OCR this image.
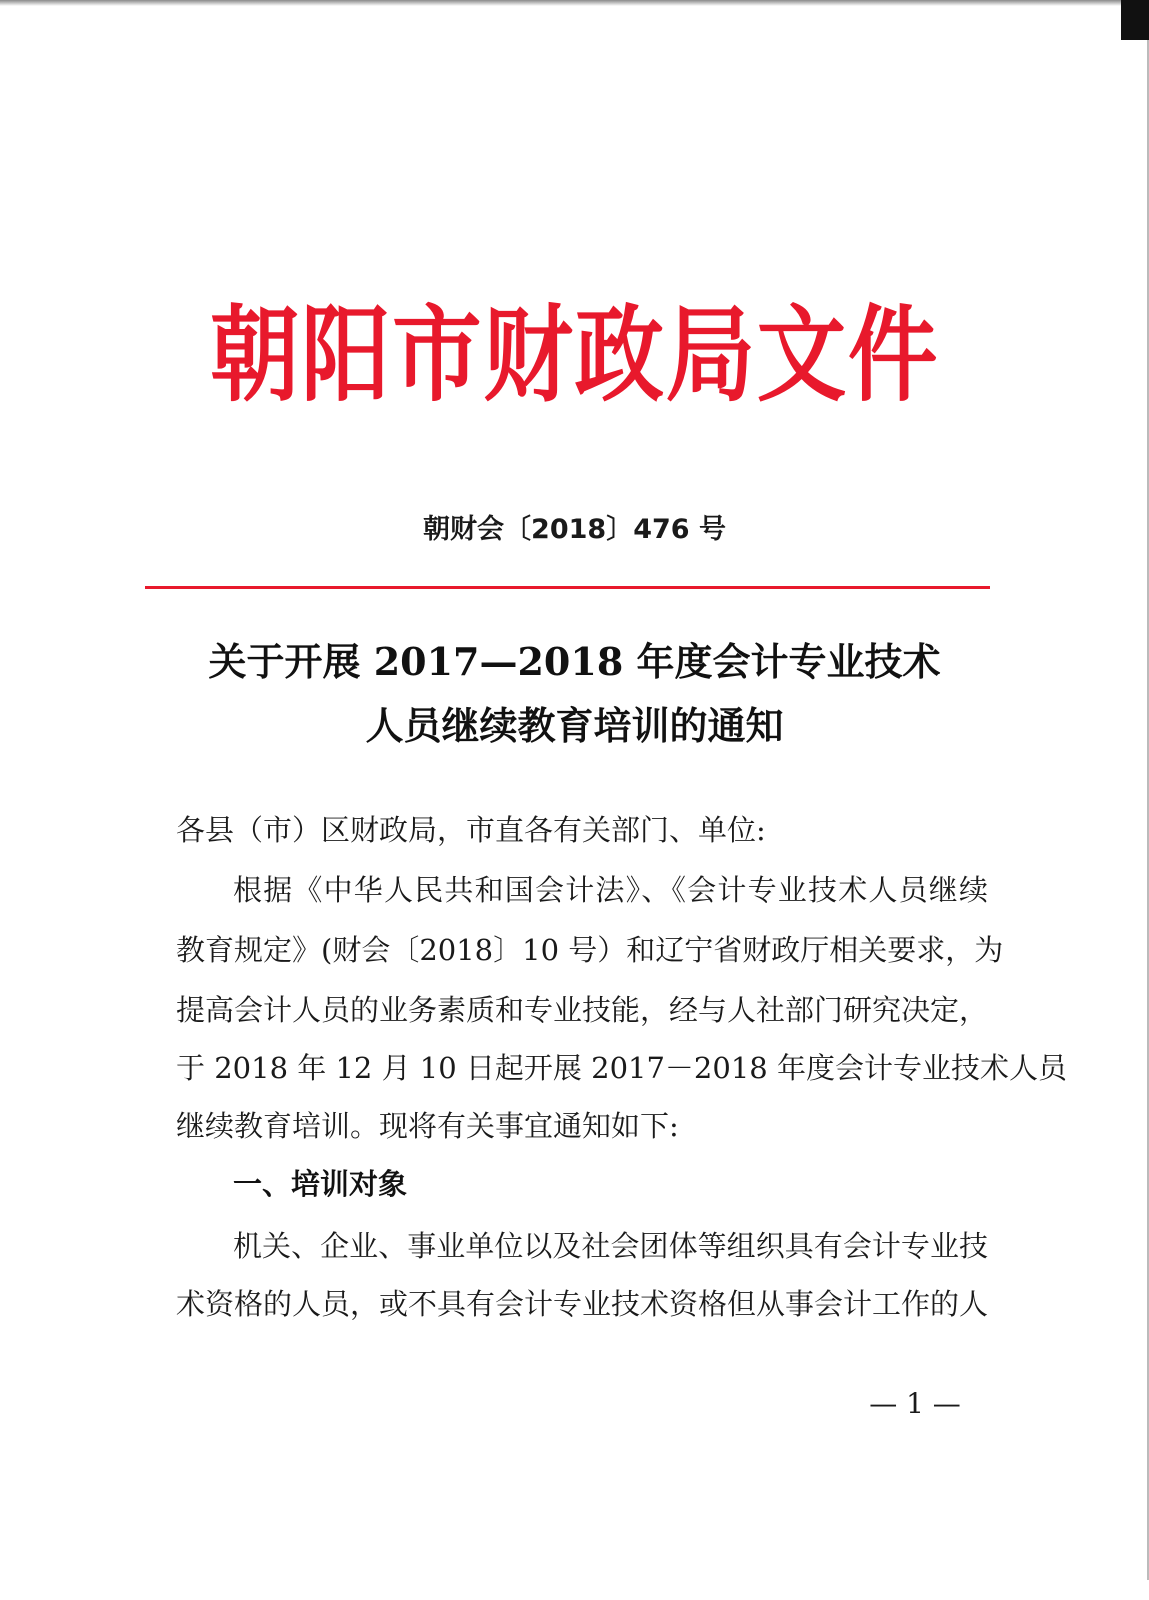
朝阳市财政局文件
朝财会〔2018〕476 号
关于开展 2017—2018 年度会计专业技术
人员继续教育培训的通知
各县（市）区财政局，市直各有关部门、单位:
根据《中华人民共和国会计法》、《会计专业技术人员继续
教育规定》(财会〔2018〕10 号）和辽宁省财政厅相关要求，为
提高会计人员的业务素质和专业技能，经与人社部门研究决定，
于 2018 年 12 月 10 日起开展 2017－2018 年度会计专业技术人员
继续教育培训。现将有关事宜通知如下:
一、培训对象
机关、企业、事业单位以及社会团体等组织具有会计专业技
术资格的人员，或不具有会计专业技术资格但从事会计工作的人
— 1 —
